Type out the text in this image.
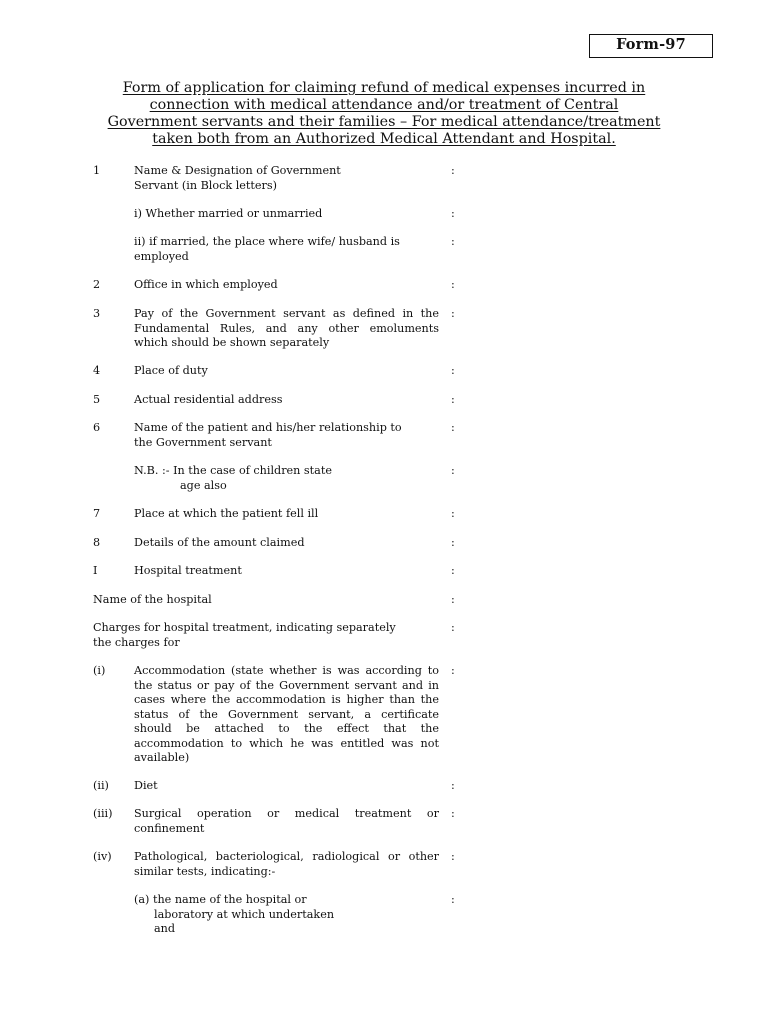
Form-97
Form of application for claiming refund of medical expenses incurred in
connection with medical attendance and/or treatment of Central
Government servants and their families – For medical attendance/treatment
taken both from an Authorized Medical Attendant and Hospital.
1	Name & Designation of Government
Servant (in Block letters)
:
i) Whether married or unmarried	:
ii) if married, the place where wife/ husband is
employed
:
2	Office in which employed	:
3	Pay of the Government servant as defined in the Fundamental Rules, and any other emoluments which should be shown separately
:
4	Place of duty	:
5	Actual residential address	:
6	Name of the patient and his/her relationship to
the Government servant
:
N.B. :- In the case of children state
age also
:
7	Place at which the patient fell ill	:
8	Details of the amount claimed	:
I	Hospital treatment	:
Name of the hospital	:
Charges for hospital treatment, indicating separately
the charges for
:
(i)	Accommodation (state whether is was according to the status or pay of the Government servant and in cases where the accommodation is higher than the status of the Government servant, a certificate should be attached to the effect that the accommodation to which he was entitled was not available)
:
(ii) Diet	:
(iii) Surgical operation or medical treatment or confinement
:
(iv) Pathological, bacteriological, radiological or other similar tests, indicating:-
:
(a) the name of the hospital or
laboratory at which undertaken
and
:
